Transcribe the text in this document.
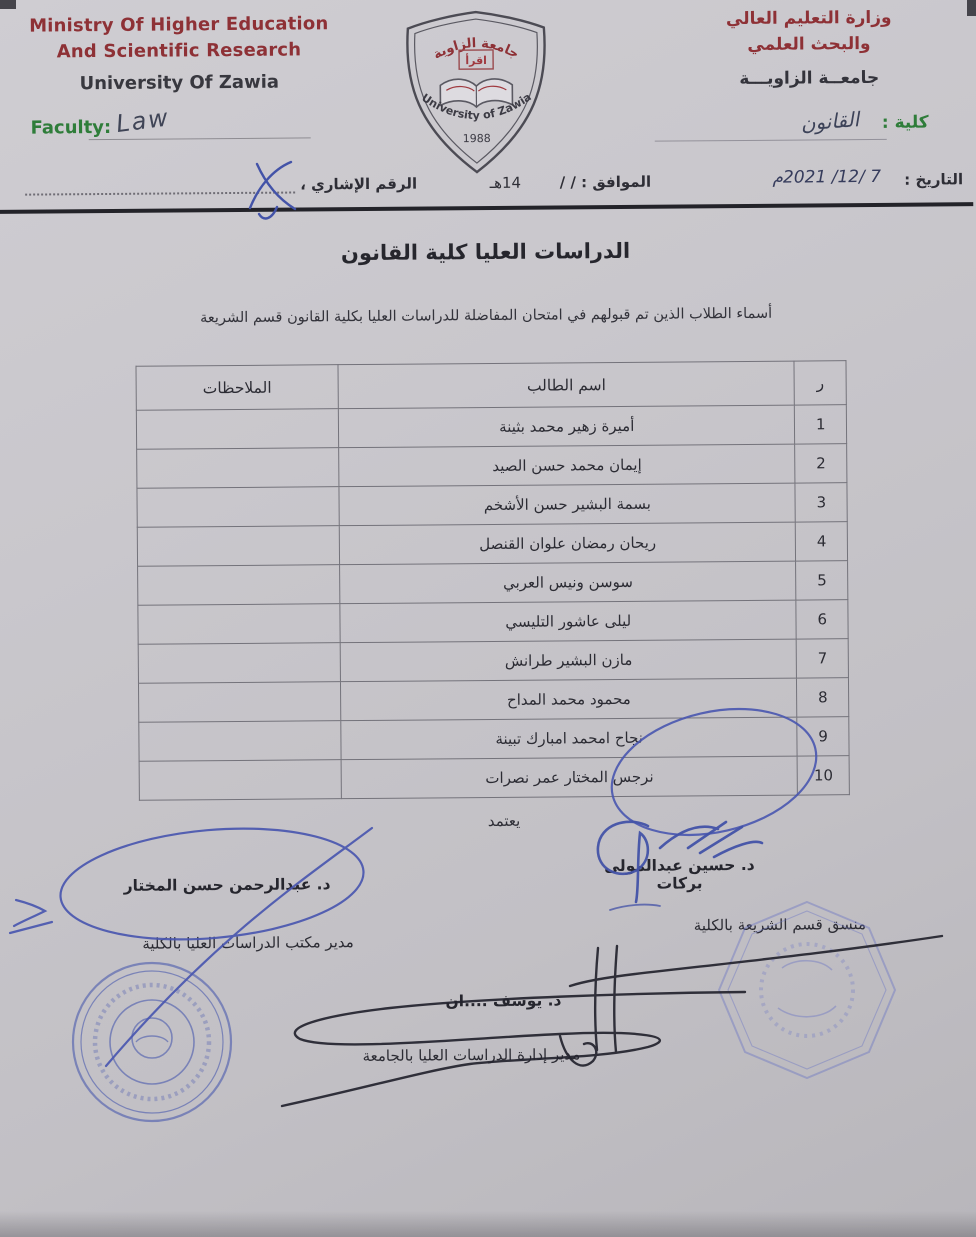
Ministry Of Higher Education
And Scientific Research
University Of Zawia
Faculty: Law
جامعة الزاوية
اقرأ
University of Zawia
1988
وزارة التعليم العالي
والبحث العلمي
جامعــة الزاويـــة
كلية : القانون
التاريخ :
7 /12/ 2021م
الموافق : / /
14هـ
الرقم الإشاري ،
الدراسات العليا كلية القانون
أسماء الطلاب الذين تم قبولهم في امتحان المفاضلة للدراسات العليا بكلية القانون قسم الشريعة
ر	اسم الطالب	الملاحظات
1	أميرة زهير محمد بثينة	
2	إيمان محمد حسن الصيد	
3	بسمة البشير حسن الأشخم	
4	ريحان رمضان علوان القنصل	
5	سوسن ونيس العربي	
6	ليلى عاشور التليسي	
7	مازن البشير طرانش	
8	محمود محمد المداح	
9	نجاح امحمد امبارك تبينة	
10	نرجس المختار عمر نصرات	
يعتمد
د. حسين عبدالمولى بركات
منسق قسم الشريعة بالكلية
د. عبدالرحمن حسن المختار
مدير مكتب الدراسات العليا بالكلية
د. يوسف ....ان
مدير إدارة الدراسات العليا بالجامعة
